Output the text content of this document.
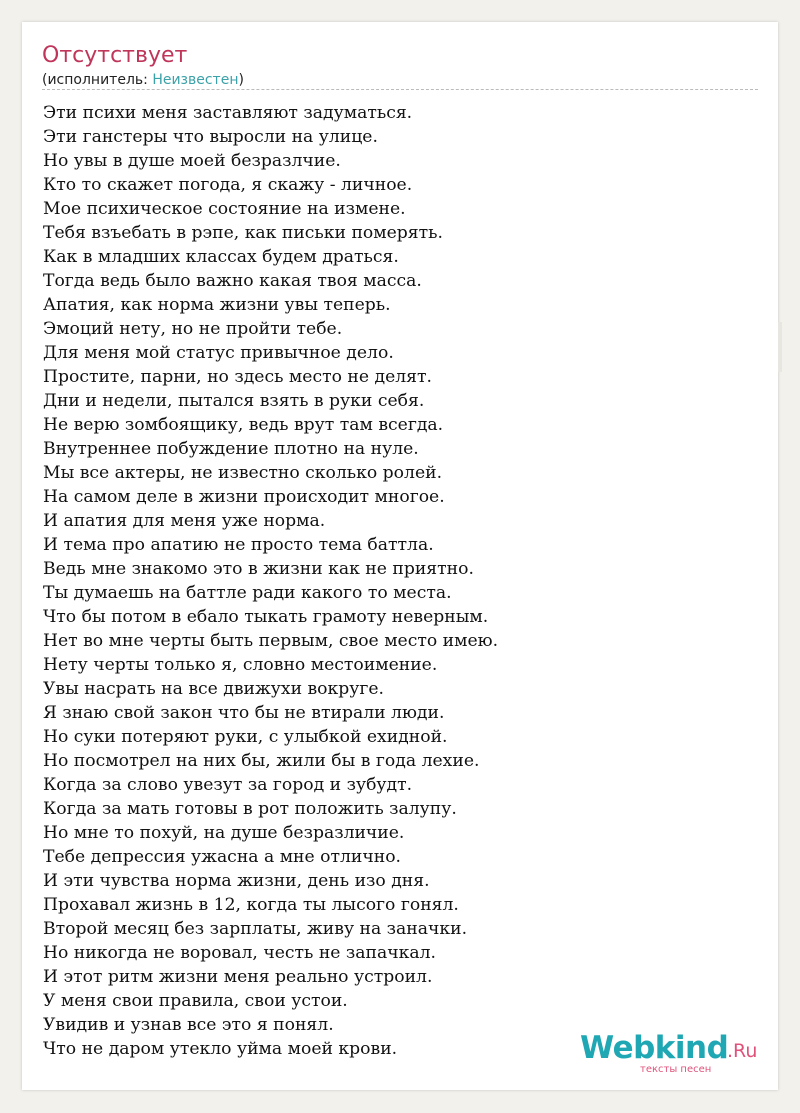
Отсутствует
(исполнитель: Неизвестен)
Эти психи меня заставляют задуматься.
Эти ганстеры что выросли на улице.
Но увы в душе моей безразлчие.
Кто то скажет погода, я скажу - личное.
Мое психическое состояние на измене.
Тебя взъебать в рэпе, как письки померять.
Как в младших классах будем драться.
Тогда ведь было важно какая твоя масса.
Апатия, как норма жизни увы теперь.
Эмоций нету, но не пройти тебе.
Для меня мой статус привычное дело.
Простите, парни, но здесь место не делят.
Дни и недели, пытался взять в руки себя.
Не верю зомбоящику, ведь врут там всегда.
Внутреннее побуждение плотно на нуле.
Мы все актеры, не известно сколько ролей.
На самом деле в жизни происходит многое.
И апатия для меня уже норма.
И тема про апатию не просто тема баттла.
Ведь мне знакомо это в жизни как не приятно.
Ты думаешь на баттле ради какого то места.
Что бы потом в ебало тыкать грамоту неверным.
Нет во мне черты быть первым, свое место имею.
Нету черты только я, словно местоимение.
Увы насрать на все движухи вокруге.
Я знаю свой закон что бы не втирали люди.
Но суки потеряют руки, с улыбкой ехидной.
Но посмотрел на них бы, жили бы в года лехие.
Когда за слово увезут за город и зубудт.
Когда за мать готовы в рот положить залупу.
Но мне то похуй, на душе безразличие.
Тебе депрессия ужасна а мне отлично.
И эти чувства норма жизни, день изо дня.
Прохавал жизнь в 12, когда ты лысого гонял.
Второй месяц без зарплаты, живу на заначки.
Но никогда не воровал, честь не запачкал.
И этот ритм жизни меня реально устроил.
У меня свои правила, свои устои.
Увидив и узнав все это я понял.
Что не даром утекло уйма моей крови.	Webkind
.Ru
тексты песен
